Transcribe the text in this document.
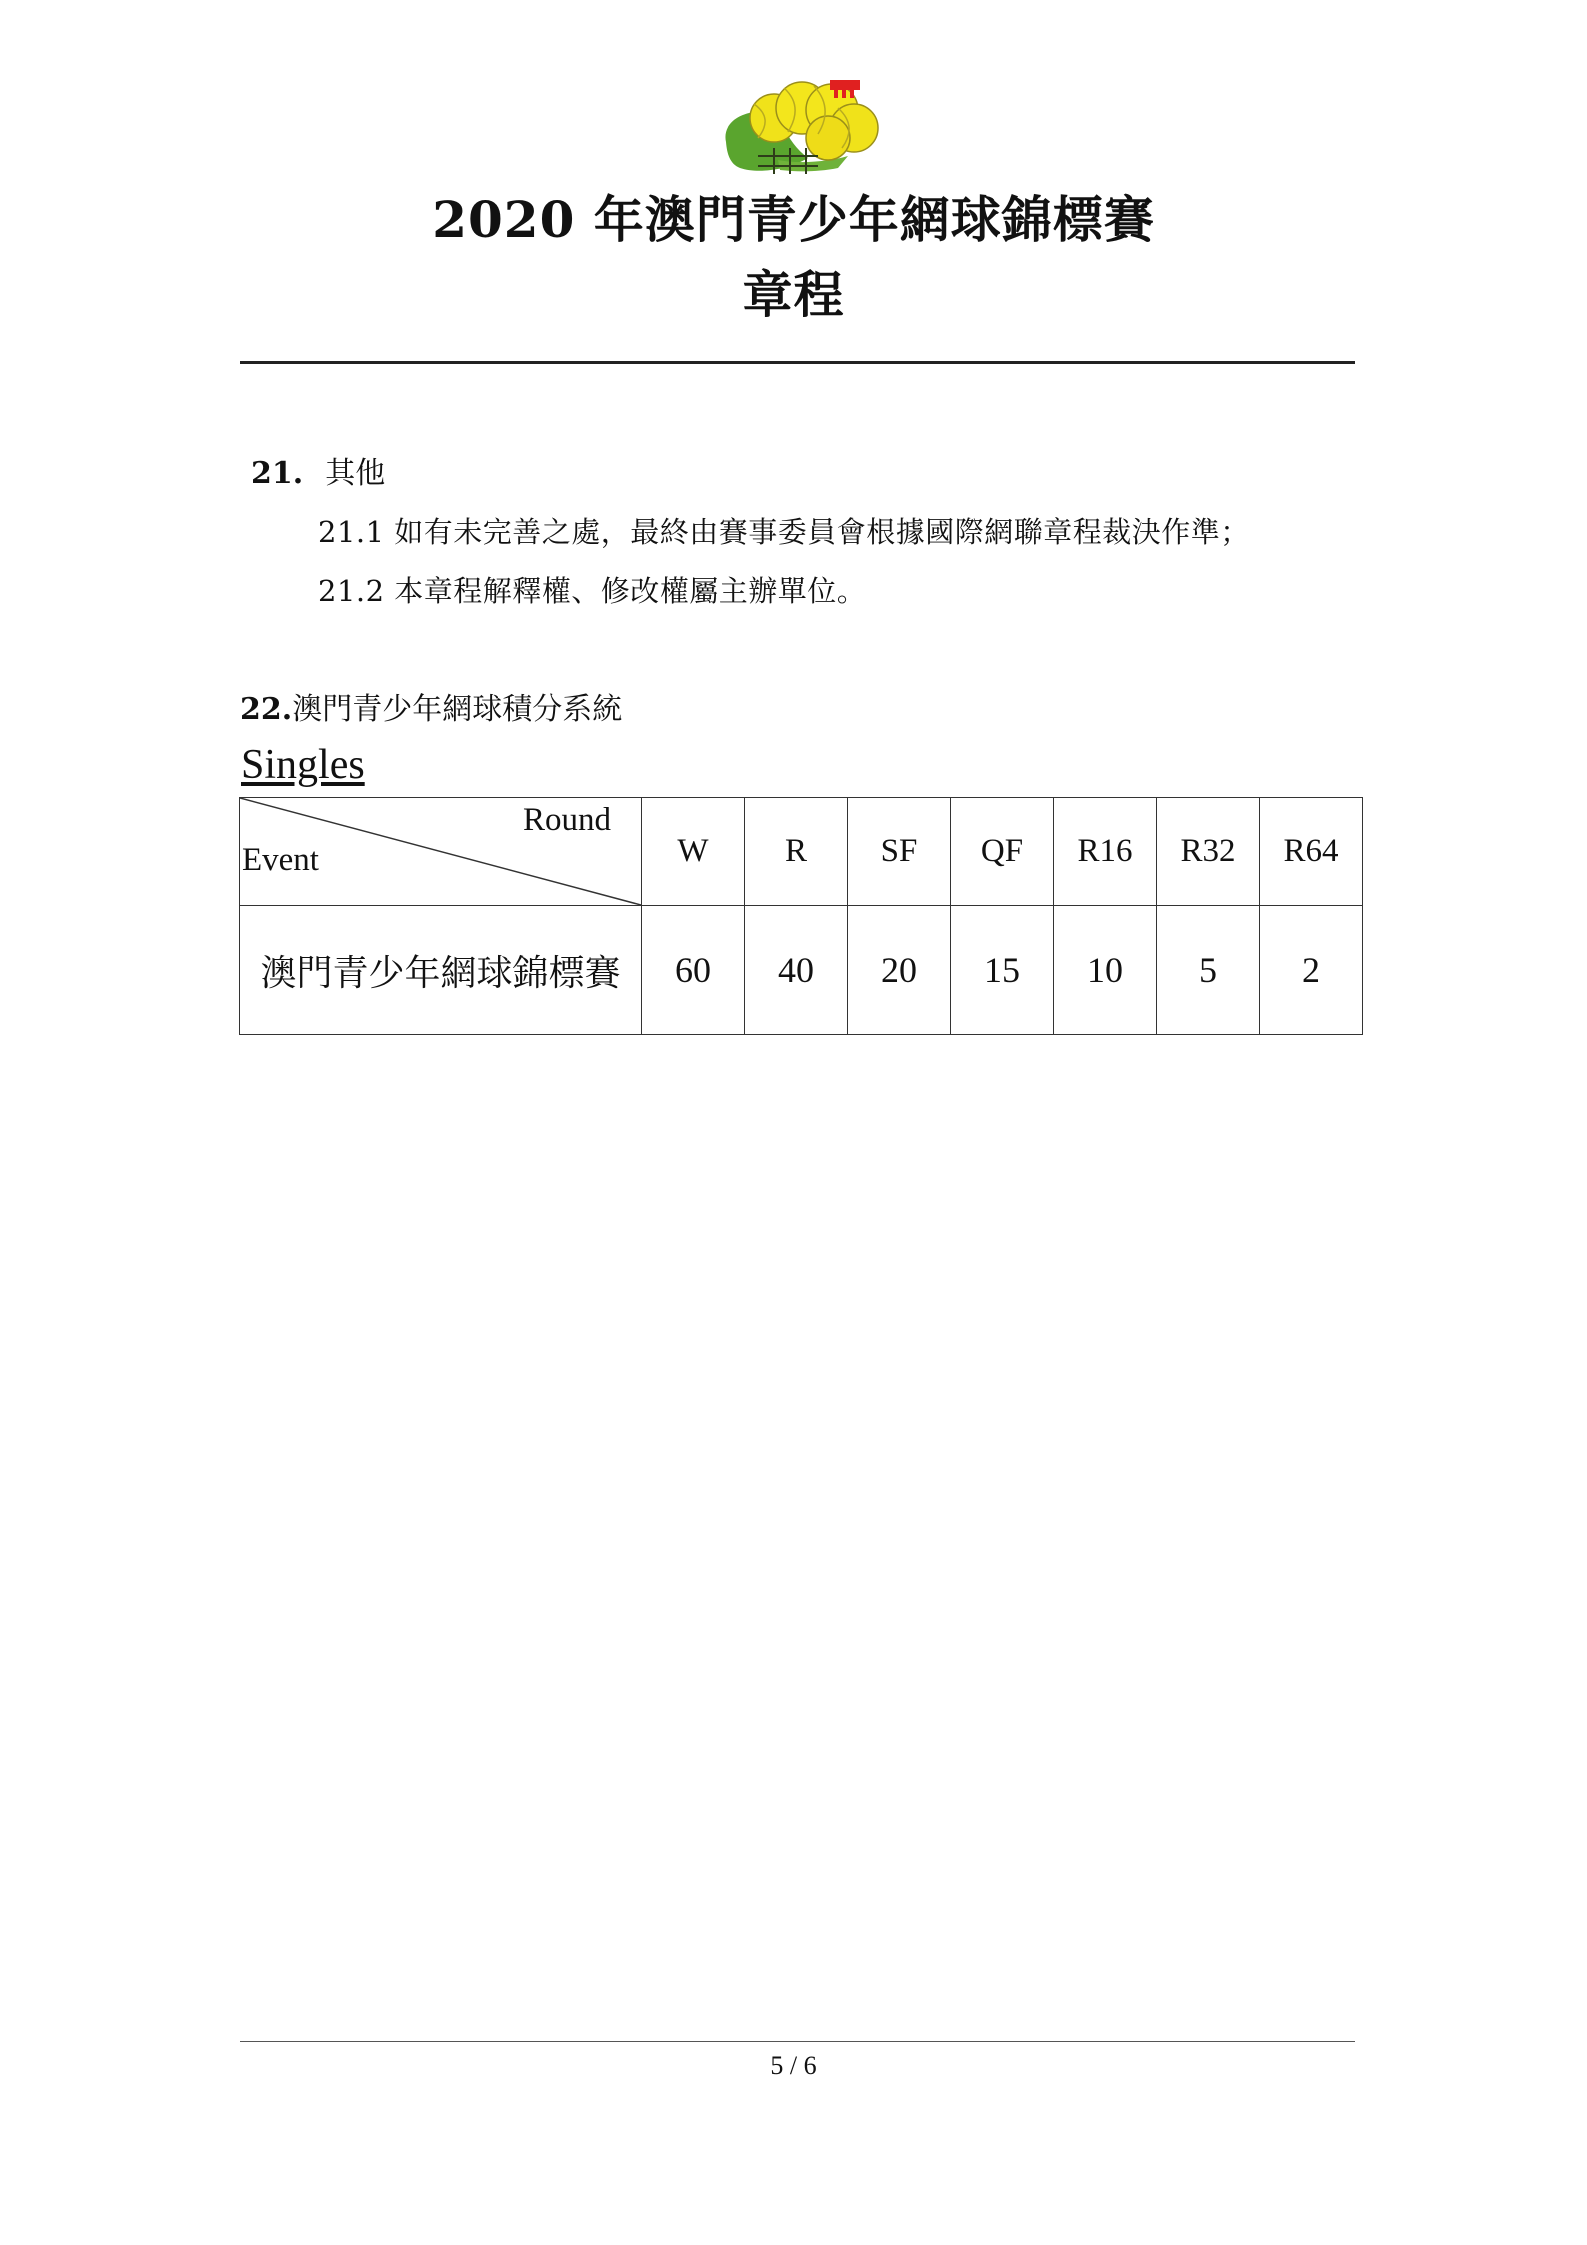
2020 年澳門青少年網球錦標賽
章程
21. 其他
21.1 如有未完善之處，最終由賽事委員會根據國際網聯章程裁決作準；
21.2 本章程解釋權、修改權屬主辦單位。
22.澳門青少年網球積分系統
Singles
Round
Event	W	R	SF	QF	R16	R32	R64
澳門青少年網球錦標賽	60	40	20	15	10	5	2
5 / 6
